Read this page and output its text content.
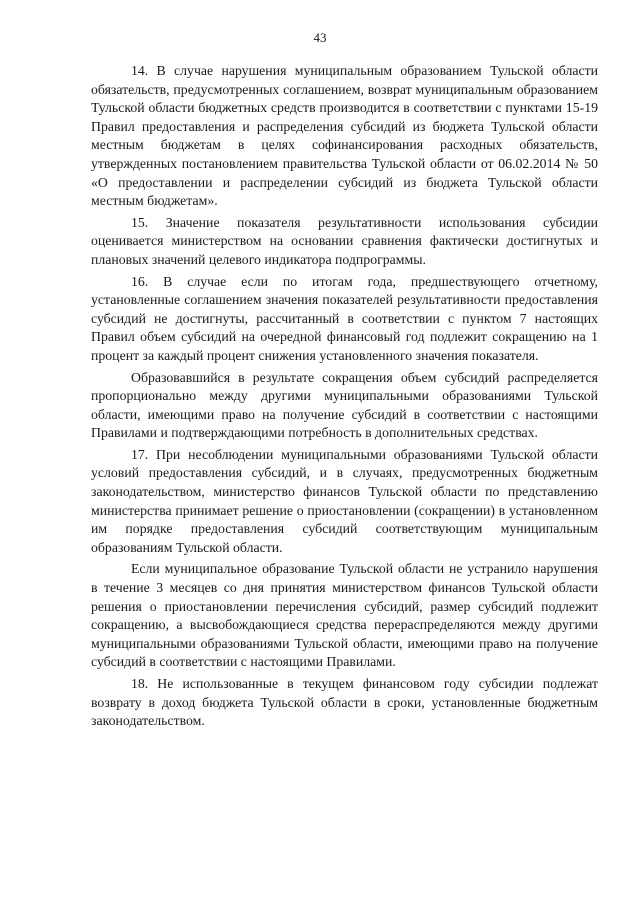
43

14. В случае нарушения муниципальным образованием Тульской области обязательств, предусмотренных соглашением, возврат муниципальным образованием Тульской области бюджетных средств производится в соответствии с пунктами 15-19 Правил предоставления и распределения субсидий из бюджета Тульской области местным бюджетам в целях софинансирования расходных обязательств, утвержденных постановлением правительства Тульской области от 06.02.2014 № 50 «О предоставлении и распределении субсидий из бюджета Тульской области местным бюджетам».

15. Значение показателя результативности использования субсидии оценивается министерством на основании сравнения фактически достигнутых и плановых значений целевого индикатора подпрограммы.

16. В случае если по итогам года, предшествующего отчетному, установленные соглашением значения показателей результативности предоставления субсидий не достигнуты, рассчитанный в соответствии с пунктом 7 настоящих Правил объем субсидий на очередной финансовый год подлежит сокращению на 1 процент за каждый процент снижения установленного значения показателя.

Образовавшийся в результате сокращения объем субсидий распределяется пропорционально между другими муниципальными образованиями Тульской области, имеющими право на получение субсидий в соответствии с настоящими Правилами и подтверждающими потребность в дополнительных средствах.

17. При несоблюдении муниципальными образованиями Тульской области условий предоставления субсидий, и в случаях, предусмотренных бюджетным законодательством, министерство финансов Тульской области по представлению министерства принимает решение о приостановлении (сокращении) в установленном им порядке предоставления субсидий соответствующим муниципальным образованиям Тульской области.

Если муниципальное образование Тульской области не устранило нарушения в течение 3 месяцев со дня принятия министерством финансов Тульской области решения о приостановлении перечисления субсидий, размер субсидий подлежит сокращению, а высвобождающиеся средства перераспределяются между другими муниципальными образованиями Тульской области, имеющими право на получение субсидий в соответствии с настоящими Правилами.

18. Не использованные в текущем финансовом году субсидии подлежат возврату в доход бюджета Тульской области в сроки, установленные бюджетным законодательством.
